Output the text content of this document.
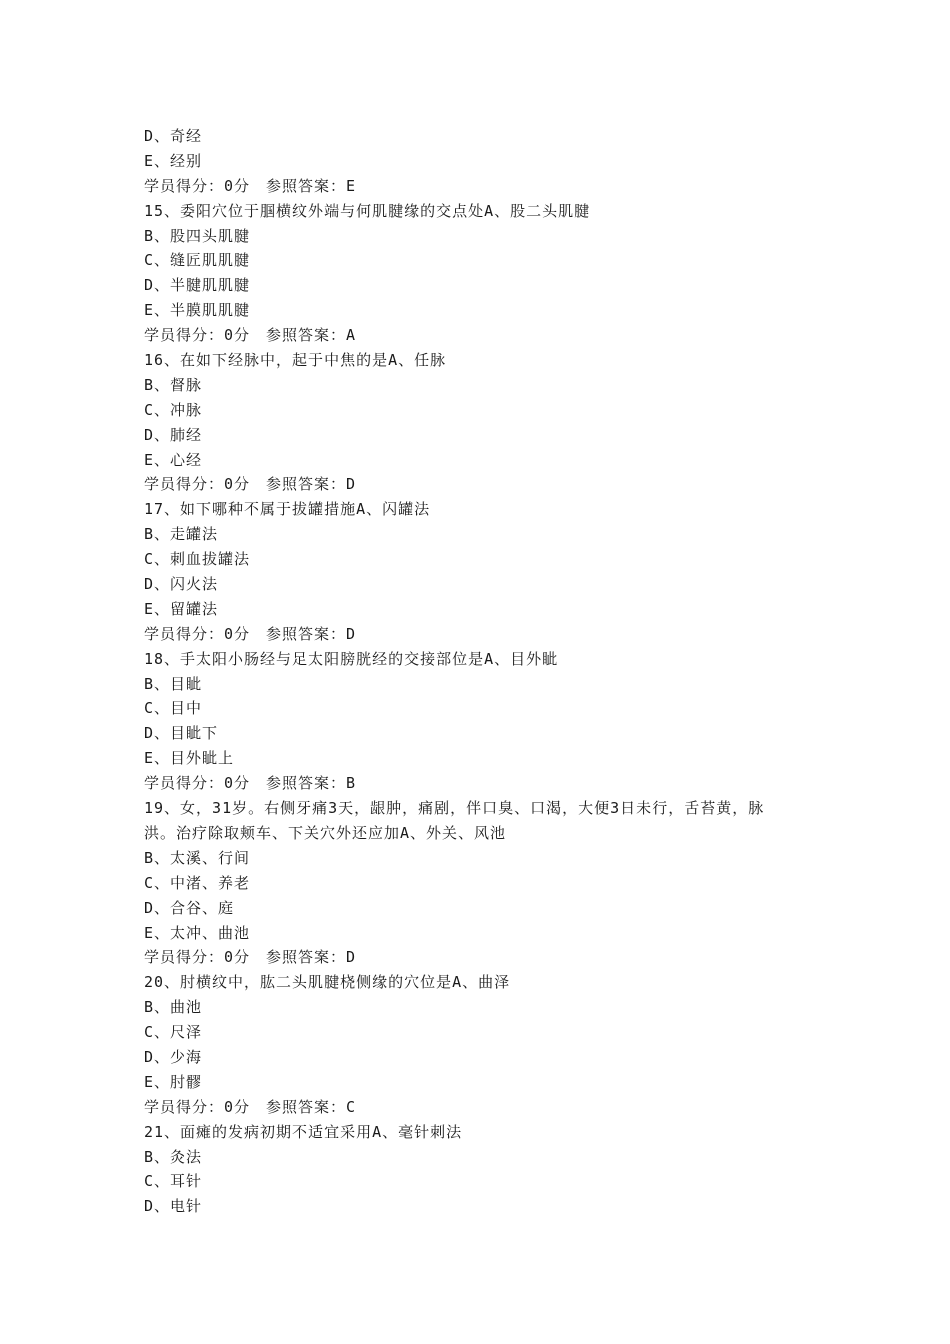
D、奇经
E、经别
学员得分：0分　参照答案：E
15、委阳穴位于腘横纹外端与何肌腱缘的交点处A、股二头肌腱
B、股四头肌腱
C、缝匠肌肌腱
D、半腱肌肌腱
E、半膜肌肌腱
学员得分：0分　参照答案：A
16、在如下经脉中，起于中焦的是A、任脉
B、督脉
C、冲脉
D、肺经
E、心经
学员得分：0分　参照答案：D
17、如下哪种不属于拔罐措施A、闪罐法
B、走罐法
C、刺血拔罐法
D、闪火法
E、留罐法
学员得分：0分　参照答案：D
18、手太阳小肠经与足太阳膀胱经的交接部位是A、目外眦
B、目眦
C、目中
D、目眦下
E、目外眦上
学员得分：0分　参照答案：B
19、女，31岁。右侧牙痛3天，龈肿，痛剧，伴口臭、口渴，大便3日未行，舌苔黄，脉
洪。治疗除取颊车、下关穴外还应加A、外关、风池
B、太溪、行间
C、中渚、养老
D、合谷、庭
E、太冲、曲池
学员得分：0分　参照答案：D
20、肘横纹中，肱二头肌腱桡侧缘的穴位是A、曲泽
B、曲池
C、尺泽
D、少海
E、肘髎
学员得分：0分　参照答案：C
21、面瘫的发病初期不适宜采用A、毫针刺法
B、灸法
C、耳针
D、电针
